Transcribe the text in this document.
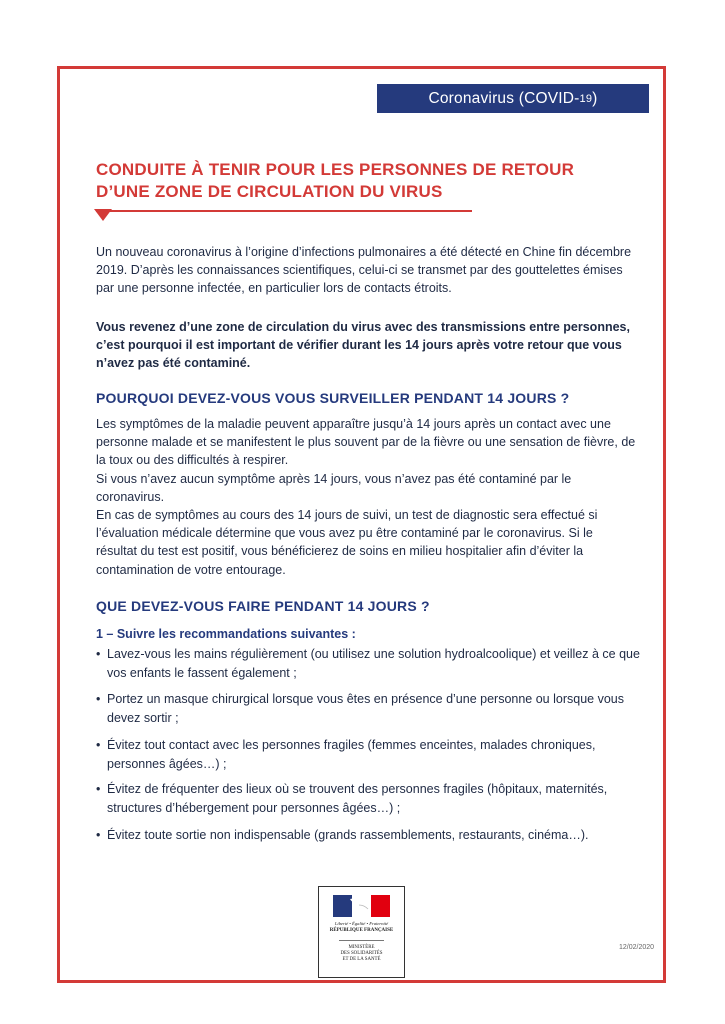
Coronavirus (COVID- 19 )
CONDUITE À TENIR POUR LES PERSONNES DE RETOUR
D’UNE ZONE DE CIRCULATION DU VIRUS
Un nouveau coronavirus à l’origine d’infections pulmonaires a été détecté en Chine fin décembre 2019. D’après les connaissances scientifiques, celui-ci se transmet par des gouttelettes émises par une personne infectée, en particulier lors de contacts étroits.
Vous revenez d’une zone de circulation du virus avec des transmissions entre personnes, c’est pourquoi il est important de vérifier durant les 14 jours après votre retour que vous n’avez pas été contaminé.
POURQUOI DEVEZ-VOUS VOUS SURVEILLER PENDANT 14 JOURS ?
Les symptômes de la maladie peuvent apparaître jusqu’à 14 jours après un contact avec une personne malade et se manifestent le plus souvent par de la fièvre ou une sensation de fièvre, de la toux ou des difficultés à respirer.
Si vous n’avez aucun symptôme après 14 jours, vous n’avez pas été contaminé par le coronavirus.
En cas de symptômes au cours des 14 jours de suivi, un test de diagnostic sera effectué si l’évaluation médicale détermine que vous avez pu être contaminé par le coronavirus. Si le résultat du test est positif, vous bénéficierez de soins en milieu hospitalier afin d’éviter la contamination de votre entourage.
QUE DEVEZ-VOUS FAIRE PENDANT 14 JOURS ?
1 – Suivre les recommandations suivantes :
• Lavez-vous les mains régulièrement (ou utilisez une solution hydroalcoolique) et veillez à ce que vos enfants le fassent également ;
• Portez un masque chirurgical lorsque vous êtes en présence d’une personne ou lorsque vous devez sortir ;
• Évitez tout contact avec les personnes fragiles (femmes enceintes, malades chroniques, personnes âgées…) ;
• Évitez de fréquenter des lieux où se trouvent des personnes fragiles (hôpitaux, maternités, structures d’hébergement pour personnes âgées…) ;
• Évitez toute sortie non indispensable (grands rassemblements, restaurants, cinéma…).
Liberté • Égalité • Fraternité
RÉPUBLIQUE FRANÇAISE
MINISTÈRE
DES SOLIDARITÉS
ET DE LA SANTÉ
12/02/2020
